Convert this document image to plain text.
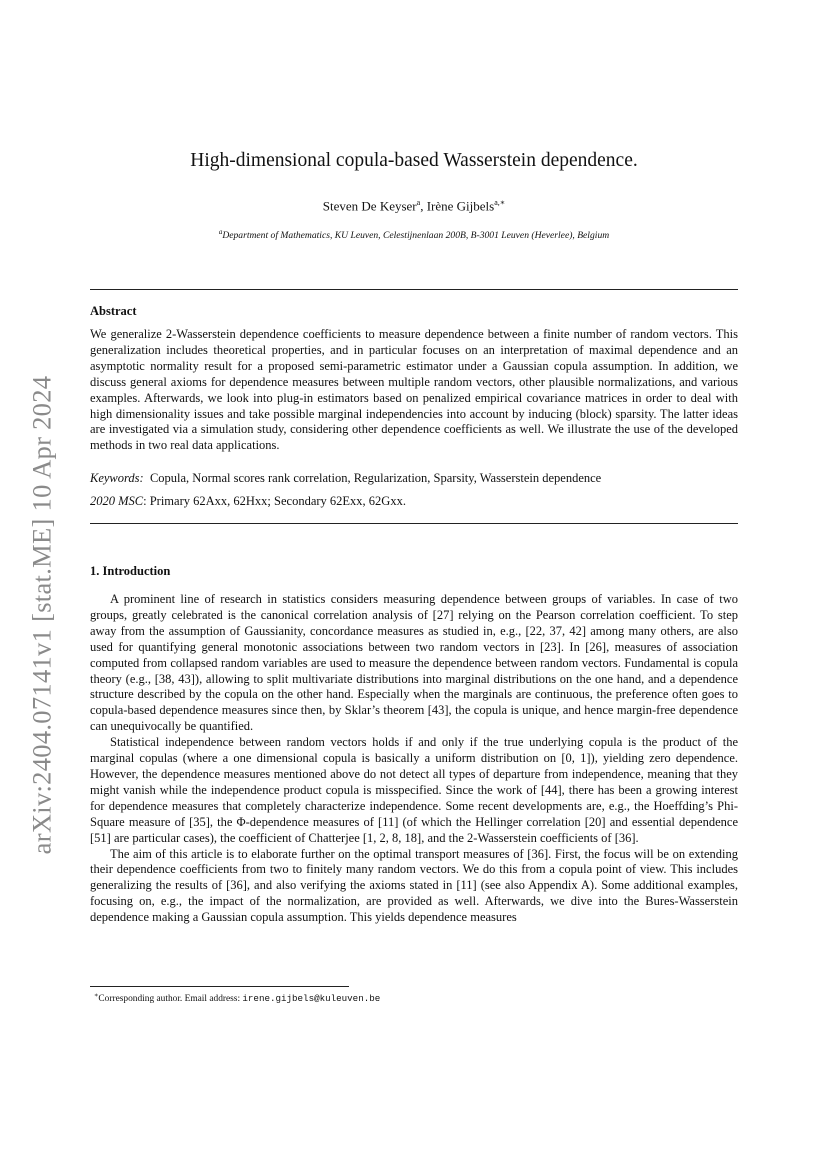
arXiv:2404.07141v1 [stat.ME] 10 Apr 2024
High-dimensional copula-based Wasserstein dependence.
Steven De Keyser$^a$, Irène Gijbels$^{a,∗}$
$^a$Department of Mathematics, KU Leuven, Celestijnenlaan 200B, B-3001 Leuven (Heverlee), Belgium
Abstract
We generalize 2-Wasserstein dependence coefficients to measure dependence between a finite number of random vectors. This generalization includes theoretical properties, and in particular focuses on an interpretation of maximal dependence and an asymptotic normality result for a proposed semi-parametric estimator under a Gaussian copula assumption. In addition, we discuss general axioms for dependence measures between multiple random vectors, other plausible normalizations, and various examples. Afterwards, we look into plug-in estimators based on penalized empirical covariance matrices in order to deal with high dimensionality issues and take possible marginal independencies into account by inducing (block) sparsity. The latter ideas are investigated via a simulation study, considering other dependence coefficients as well. We illustrate the use of the developed methods in two real data applications.
Keywords: Copula, Normal scores rank correlation, Regularization, Sparsity, Wasserstein dependence
2020 MSC: Primary 62Axx, 62Hxx; Secondary 62Exx, 62Gxx.
1. Introduction

A prominent line of research in statistics considers measuring dependence between groups of variables. In case of two groups, greatly celebrated is the canonical correlation analysis of [27] relying on the Pearson correlation coefficient. To step away from the assumption of Gaussianity, concordance measures as studied in, e.g., [22, 37, 42] among many others, are also used for quantifying general monotonic associations between two random vectors in [23]. In [26], measures of association computed from collapsed random variables are used to measure the dependence between random vectors. Fundamental is copula theory (e.g., [38, 43]), allowing to split multivariate distributions into marginal distributions on the one hand, and a dependence structure described by the copula on the other hand. Especially when the marginals are continuous, the preference often goes to copula-based dependence measures since then, by Sklar’s theorem [43], the copula is unique, and hence margin-free dependence can unequivocally be quantified.

Statistical independence between random vectors holds if and only if the true underlying copula is the product of the marginal copulas (where a one dimensional copula is basically a uniform distribution on [0, 1]), yielding zero dependence. However, the dependence measures mentioned above do not detect all types of departure from independence, meaning that they might vanish while the independence product copula is misspecified. Since the work of [44], there has been a growing interest for dependence measures that completely characterize independence. Some recent developments are, e.g., the Hoeffding’s Phi-Square measure of [35], the Φ-dependence measures of [11] (of which the Hellinger correlation [20] and essential dependence [51] are particular cases), the coefficient of Chatterjee [1, 2, 8, 18], and the 2-Wasserstein coefficients of [36].

The aim of this article is to elaborate further on the optimal transport measures of [36]. First, the focus will be on extending their dependence coefficients from two to finitely many random vectors. We do this from a copula point of view. This includes generalizing the results of [36], and also verifying the axioms stated in [11] (see also Appendix A). Some additional examples, focusing on, e.g., the impact of the normalization, are provided as well. Afterwards, we dive into the Bures-Wasserstein dependence making a Gaussian copula assumption. This yields dependence measures

∗Corresponding author. Email address: irene.gijbels@kuleuven.be
